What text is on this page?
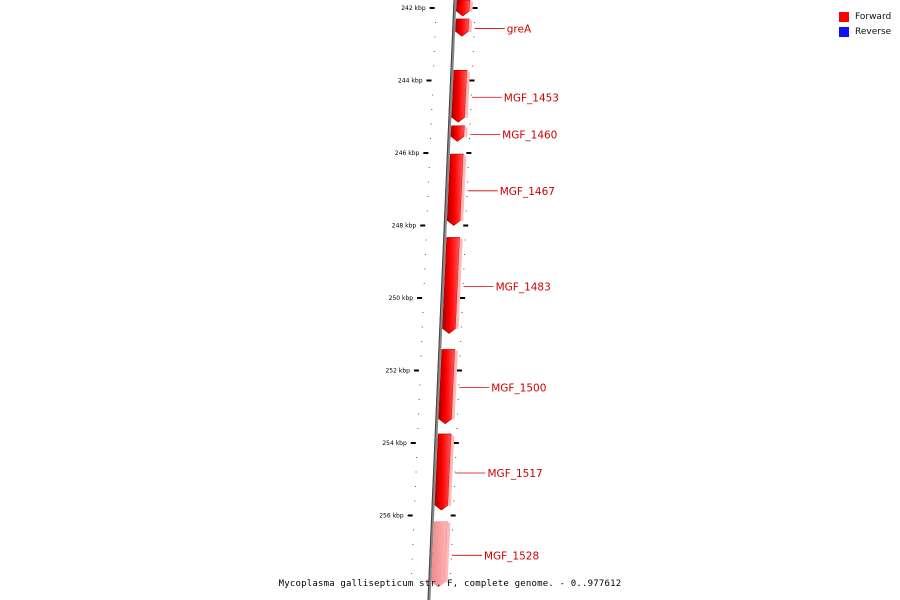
242 kbp
244 kbp
246 kbp
248 kbp
250 kbp
252 kbp
254 kbp
256 kbp
greA
MGF_1453
MGF_1460
MGF_1467
MGF_1483
MGF_1500
MGF_1517
MGF_1528
Forward
Reverse
Mycoplasma gallisepticum str. F, complete genome. - 0..977612
